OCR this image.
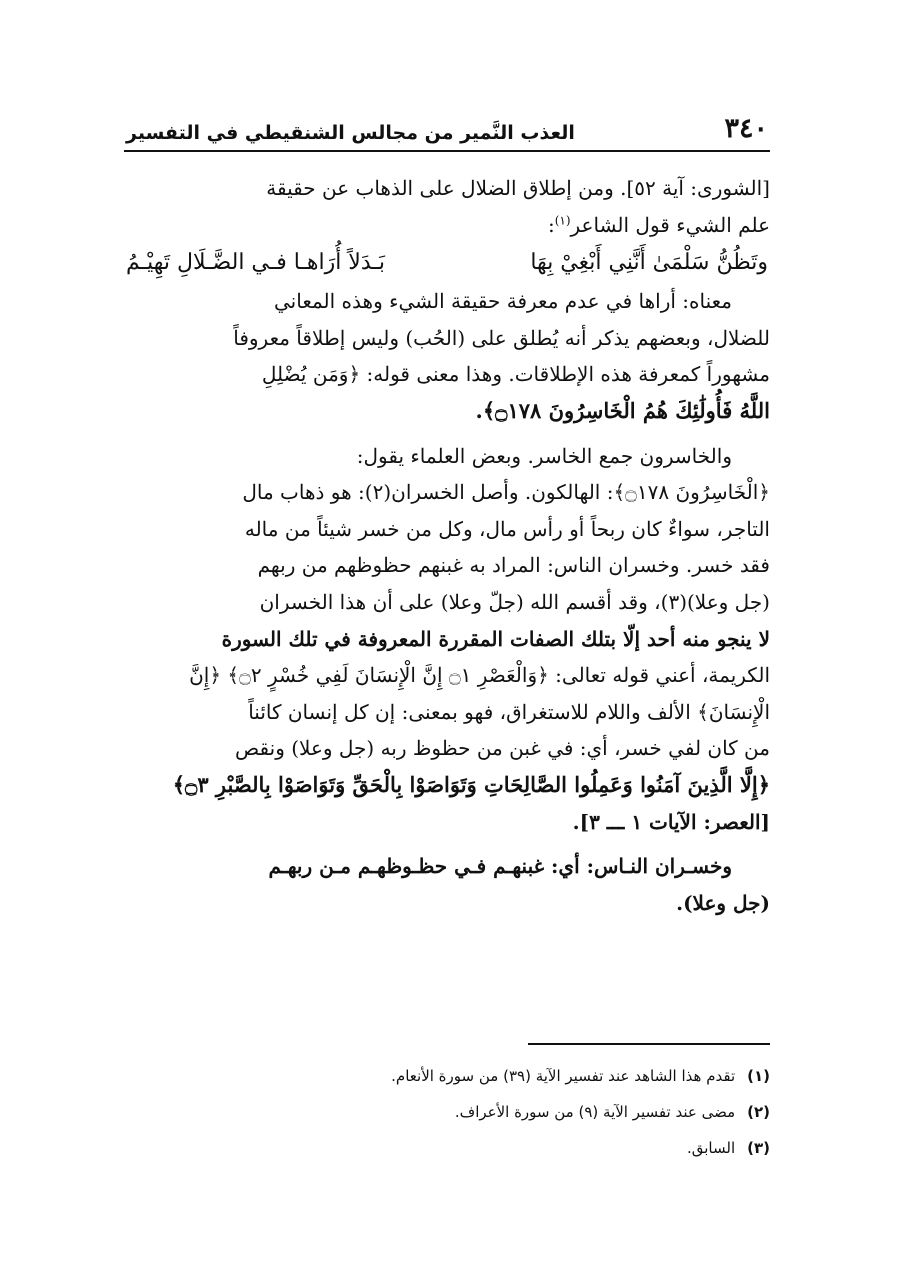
٣٤٠
العذب النَّمير من مجالس الشنقيطي في التفسير

[الشورى: آية ٥٢]. ومن إطلاق الضلال على الذهاب عن حقيقة

علم الشيء قول الشاعر$^{(١)}$:

وتَظُنُّ سَلْمَىٰ أَنَّنِي أَبْغِيْ بِهَا
بَـدَلاً أُرَاهـا فـي الضَّـلَالِ تَهِيْـمُ

معناه: أراها في عدم معرفة حقيقة الشيء وهذه المعاني

للضلال، وبعضهم يذكر أنه يُطلق على (الحُب) وليس إطلاقاً معروفاً

مشهوراً كمعرفة هذه الإطلاقات. وهذا معنى قوله: ﴿وَمَن يُضْلِلِ

اللَّهُ فَأُولَٰئِكَ هُمُ الْخَاسِرُونَ ۝١٧٨﴾.

والخاسرون جمع الخاسر. وبعض العلماء يقول:

﴿الْخَاسِرُونَ ۝١٧٨﴾: الهالكون. وأصل الخسران(٢): هو ذهاب مال

التاجر، سواءٌ كان ربحاً أو رأس مال، وكل من خسر شيئاً من ماله

فقد خسر. وخسران الناس: المراد به غبنهم حظوظهم من ربهم

(جل وعلا)(٣)، وقد أقسم الله (جلّ وعلا) على أن هذا الخسران

لا ينجو منه أحد إلّا بتلك الصفات المقررة المعروفة في تلك السورة

الكريمة، أعني قوله تعالى: ﴿وَالْعَصْرِ ۝١ إِنَّ الْإِنسَانَ لَفِي خُسْرٍ ۝٢﴾ ﴿إِنَّ

الْإِنسَانَ﴾ الألف واللام للاستغراق، فهو بمعنى: إن كل إنسان كائناً

من كان لفي خسر، أي: في غبن من حظوظ ربه (جل وعلا) ونقص

﴿إِلَّا الَّذِينَ آمَنُوا وَعَمِلُوا الصَّالِحَاتِ وَتَوَاصَوْا بِالْحَقِّ وَتَوَاصَوْا بِالصَّبْرِ ۝٣﴾

[العصر: الآيات ١ ـــ ٣].

وخسـران النـاس: أي: غبنهـم فـي حظـوظهـم مـن ربهـم

(جل وعلا).

(١)
تقدم هذا الشاهد عند تفسير الآية (٣٩) من سورة الأنعام.
(٢)
مضى عند تفسير الآية (٩) من سورة الأعراف.
(٣)
السابق.
